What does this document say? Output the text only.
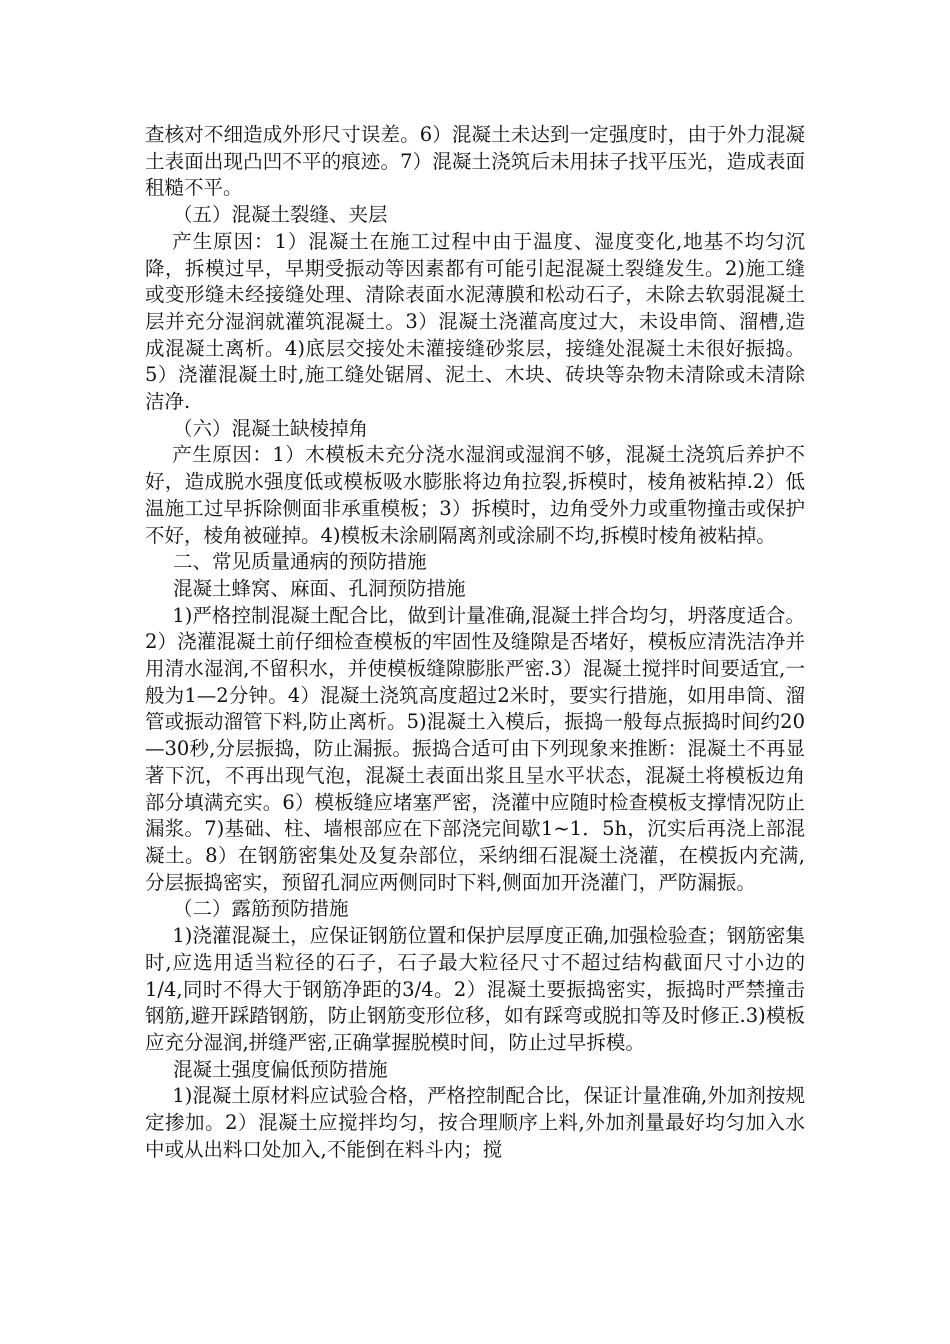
查核对不细造成外形尺寸误差。6）混凝土未达到一定强度时，由于外力混凝土表面出现凸凹不平的痕迹。7）混凝土浇筑后未用抹子找平压光，造成表面租糙不平。

（五）混凝土裂缝、夹层

产生原因：1）混凝土在施工过程中由于温度、湿度变化,地基不均匀沉降，拆模过早，早期受振动等因素都有可能引起混凝土裂缝发生。2)施工缝或变形缝未经接缝处理、清除表面水泥薄膜和松动石子，未除去软弱混凝土层并充分湿润就灌筑混凝土。3）混凝土浇灌高度过大，未设串筒、溜槽,造成混凝土离析。4)底层交接处未灌接缝砂浆层，接缝处混凝土未很好振捣。5）浇灌混凝土时,施工缝处锯屑、泥土、木块、砖块等杂物未清除或未清除洁净.

（六）混凝土缺棱掉角

产生原因：1）木模板未充分浇水湿润或湿润不够，混凝土浇筑后养护不好，造成脱水强度低或模板吸水膨胀将边角拉裂,拆模时，棱角被粘掉.2）低温施工过早拆除侧面非承重模板；3）拆模时，边角受外力或重物撞击或保护不好，棱角被碰掉。4)模板未涂刷隔离剂或涂刷不均,拆模时棱角被粘掉。

二、常见质量通病的预防措施

混凝土蜂窝、麻面、孔洞预防措施

1)严格控制混凝土配合比，做到计量准确,混凝土拌合均匀，坍落度适合。2）浇灌混凝土前仔细检查模板的牢固性及缝隙是否堵好，模板应清洗洁净并用清水湿润,不留积水，并使模板缝隙膨胀严密.3）混凝土搅拌时间要适宜,一般为1—2分钟。4）混凝土浇筑高度超过2米时，要实行措施，如用串筒、溜管或振动溜管下料,防止离析。5)混凝土入模后，振捣一般每点振捣时间约20—30秒,分层振捣，防止漏振。振捣合适可由下列现象来推断：混凝土不再显著下沉，不再出现气泡，混凝土表面出浆且呈水平状态，混凝土将模板边角部分填满充实。6）模板缝应堵塞严密，浇灌中应随时检查模板支撑情况防止漏浆。7)基础、柱、墙根部应在下部浇完间歇1~1．5h，沉实后再浇上部混凝土。8）在钢筋密集处及复杂部位，采纳细石混凝土浇灌，在模扳内充满,分层振捣密实，预留孔洞应两侧同时下料,侧面加开浇灌门，严防漏振。

（二）露筋预防措施

1)浇灌混凝土，应保证钢筋位置和保护层厚度正确,加强检验查；钢筋密集时,应选用适当粒径的石子，石子最大粒径尺寸不超过结构截面尺寸小边的1/4,同时不得大于钢筋净距的3/4。2）混凝土要振捣密实，振捣时严禁撞击钢筋,避开踩踏钢筋，防止钢筋变形位移，如有踩弯或脱扣等及时修正.3)模板应充分湿润,拼缝严密,正确掌握脱模时间，防止过早拆模。

混凝土强度偏低预防措施

1)混凝土原材料应试验合格，严格控制配合比，保证计量准确,外加剂按规定掺加。2）混凝土应搅拌均匀，按合理顺序上料,外加剂量最好均匀加入水中或从出料口处加入,不能倒在料斗内；搅
